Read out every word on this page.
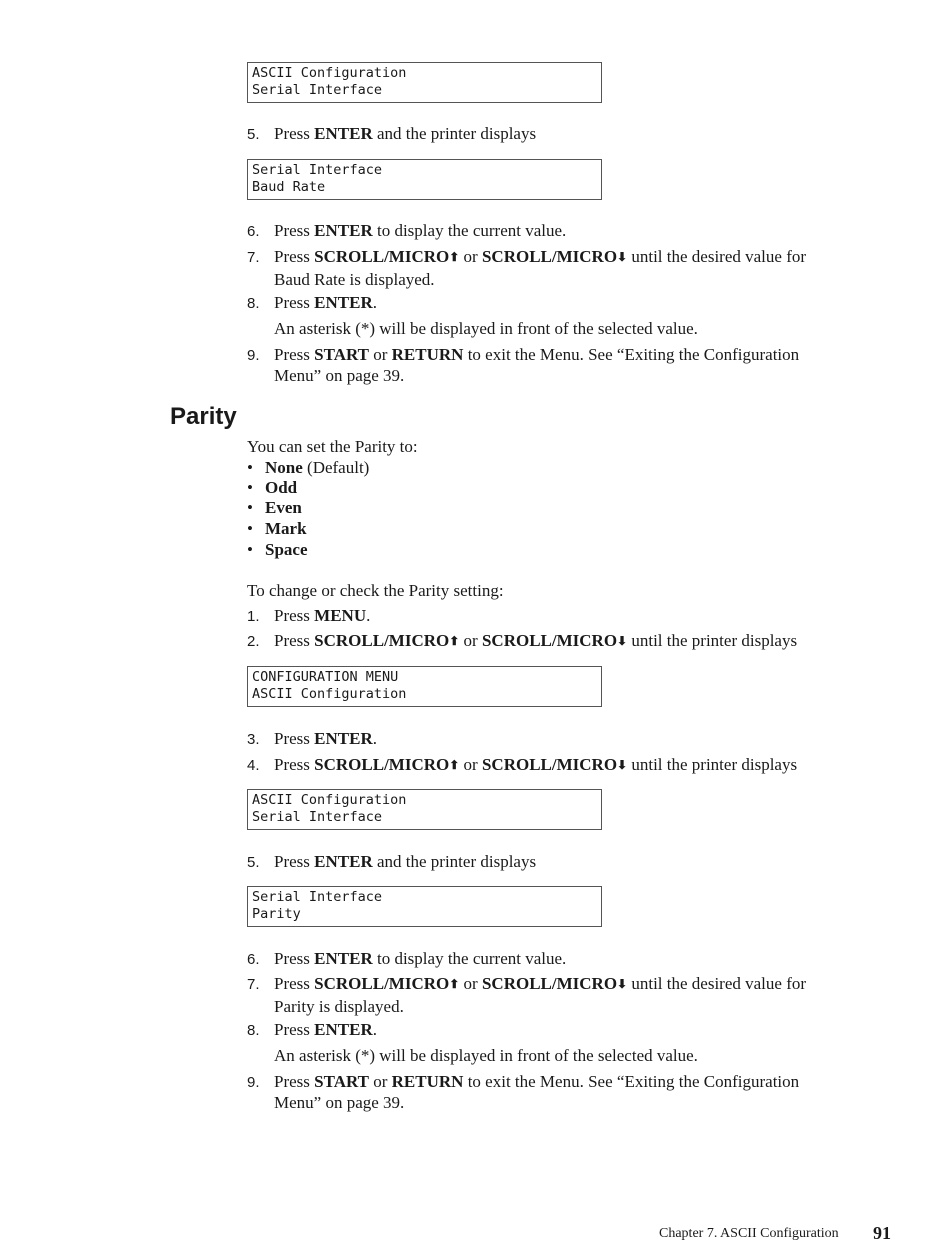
ASCII Configuration
Serial Interface
5. Press ENTER and the printer displays
Serial Interface
Baud Rate
6. Press ENTER to display the current value.
7. Press SCROLL/MICRO⬆ or SCROLL/MICRO⬇ until the desired value for
Baud Rate is displayed.
8. Press ENTER.
An asterisk (*) will be displayed in front of the selected value.
9. Press START or RETURN to exit the Menu. See “Exiting the Configuration
Menu” on page 39.
Parity
You can set the Parity to:
• None (Default)
• Odd
• Even
• Mark
• Space
To change or check the Parity setting:
1. Press MENU.
2. Press SCROLL/MICRO⬆ or SCROLL/MICRO⬇ until the printer displays
CONFIGURATION MENU
ASCII Configuration
3. Press ENTER.
4. Press SCROLL/MICRO⬆ or SCROLL/MICRO⬇ until the printer displays
ASCII Configuration
Serial Interface
5. Press ENTER and the printer displays
Serial Interface
Parity
6. Press ENTER to display the current value.
7. Press SCROLL/MICRO⬆ or SCROLL/MICRO⬇ until the desired value for
Parity is displayed.
8. Press ENTER.
An asterisk (*) will be displayed in front of the selected value.
9. Press START or RETURN to exit the Menu. See “Exiting the Configuration
Menu” on page 39.
Chapter 7. ASCII Configuration 91
